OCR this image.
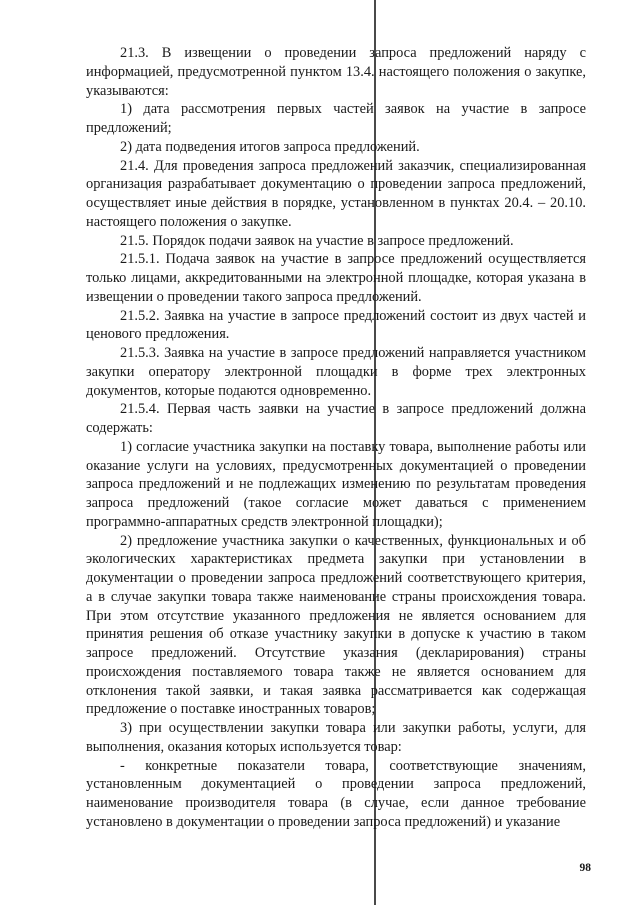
21.3. В извещении о проведении запроса предложений наряду с информацией, предусмотренной пунктом 13.4. настоящего положения о закупке, указываются:

1) дата рассмотрения первых частей заявок на участие в запросе предложений;

2) дата подведения итогов запроса предложений.

21.4. Для проведения запроса предложений заказчик, специализированная организация разрабатывает документацию о проведении запроса предложений, осуществляет иные действия в порядке, установленном в пунктах 20.4. – 20.10. настоящего положения о закупке.

21.5. Порядок подачи заявок на участие в запросе предложений.

21.5.1. Подача заявок на участие в запросе предложений осуществляется только лицами, аккредитованными на электронной площадке, которая указана в извещении о проведении такого запроса предложений.

21.5.2. Заявка на участие в запросе предложений состоит из двух частей и ценового предложения.

21.5.3. Заявка на участие в запросе предложений направляется участником закупки оператору электронной площадки в форме трех электронных документов, которые подаются одновременно.

21.5.4. Первая часть заявки на участие в запросе предложений должна содержать:

1) согласие участника закупки на поставку товара, выполнение работы или оказание услуги на условиях, предусмотренных документацией о проведении запроса предложений и не подлежащих изменению по результатам проведения запроса предложений (такое согласие может даваться с применением программно-аппаратных средств электронной площадки);

2) предложение участника закупки о качественных, функциональных и об экологических характеристиках предмета закупки при установлении в документации о проведении запроса предложений соответствующего критерия, а в случае закупки товара также наименование страны происхождения товара. При этом отсутствие указанного предложения не является основанием для принятия решения об отказе участнику закупки в допуске к участию в таком запросе предложений. Отсутствие указания (декларирования) страны происхождения поставляемого товара также не является основанием для отклонения такой заявки, и такая заявка рассматривается как содержащая предложение о поставке иностранных товаров;

3) при осуществлении закупки товара или закупки работы, услуги, для выполнения, оказания которых используется товар:

- конкретные показатели товара, соответствующие значениям, установленным документацией о проведении запроса предложений, наименование производителя товара (в случае, если данное требование установлено в документации о проведении запроса предложений) и указание

98
